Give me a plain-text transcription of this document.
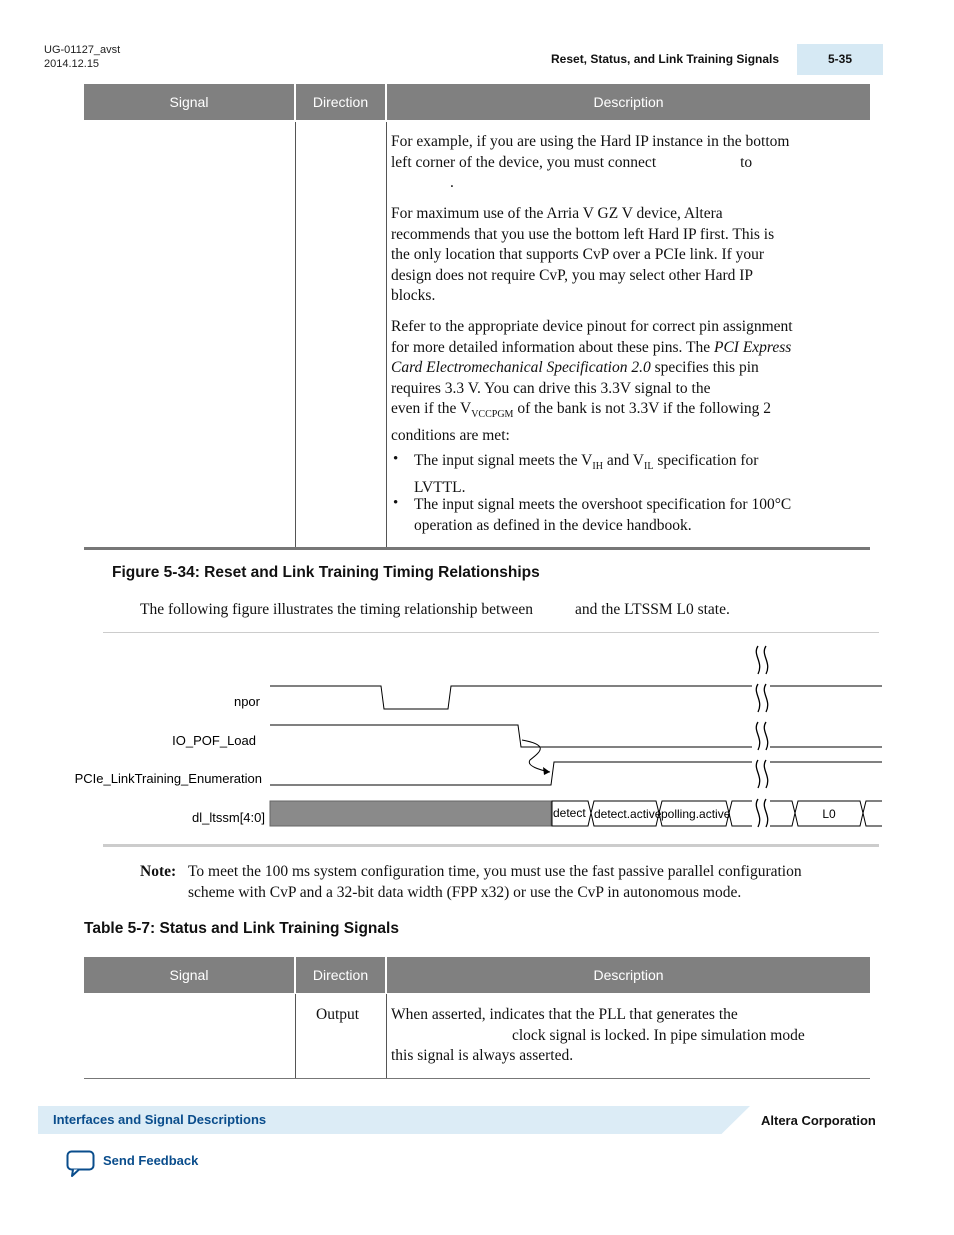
UG-01127_avst
2014.12.15	Reset, Status, and Link Training Signals	5-35
Signal	Direction	Description
For example, if you are using the Hard IP instance in the bottom
left corner of the device, you must connect	to
.
For maximum use of the Arria V GZ V device, Altera
recommends that you use the bottom left Hard IP first. This is
the only location that supports CvP over a PCIe link. If your
design does not require CvP, you may select other Hard IP
blocks.
Refer to the appropriate device pinout for correct pin assignment
for more detailed information about these pins. The PCI Express
Card Electromechanical Specification 2.0 specifies this pin
requires 3.3 V. You can drive this 3.3V signal to the
even if the $V_{VCCPGM}$ of the bank is not 3.3V if the following 2
conditions are met:
• The input signal meets the $V_{IH}$ and $V_{IL}$ specification for
LVTTL.
• The input signal meets the overshoot specification for 100°C
operation as defined in the device handbook.
Figure 5-34: Reset and Link Training Timing Relationships
The following figure illustrates the timing relationship between	and the LTSSM L0 state.
npor
IO_POF_Load
PCIe_LinkTraining_Enumeration
dl_ltssm[4:0]	detect detect.active polling.active	L0
Note: To meet the 100 ms system configuration time, you must use the fast passive parallel configuration
scheme with CvP and a 32-bit data width (FPP x32) or use the CvP in autonomous mode.
Table 5-7: Status and Link Training Signals
Signal	Direction	Description
Output When asserted, indicates that the PLL that generates the
clock signal is locked. In pipe simulation mode
this signal is always asserted.
Interfaces and Signal Descriptions	Altera Corporation
Send Feedback
